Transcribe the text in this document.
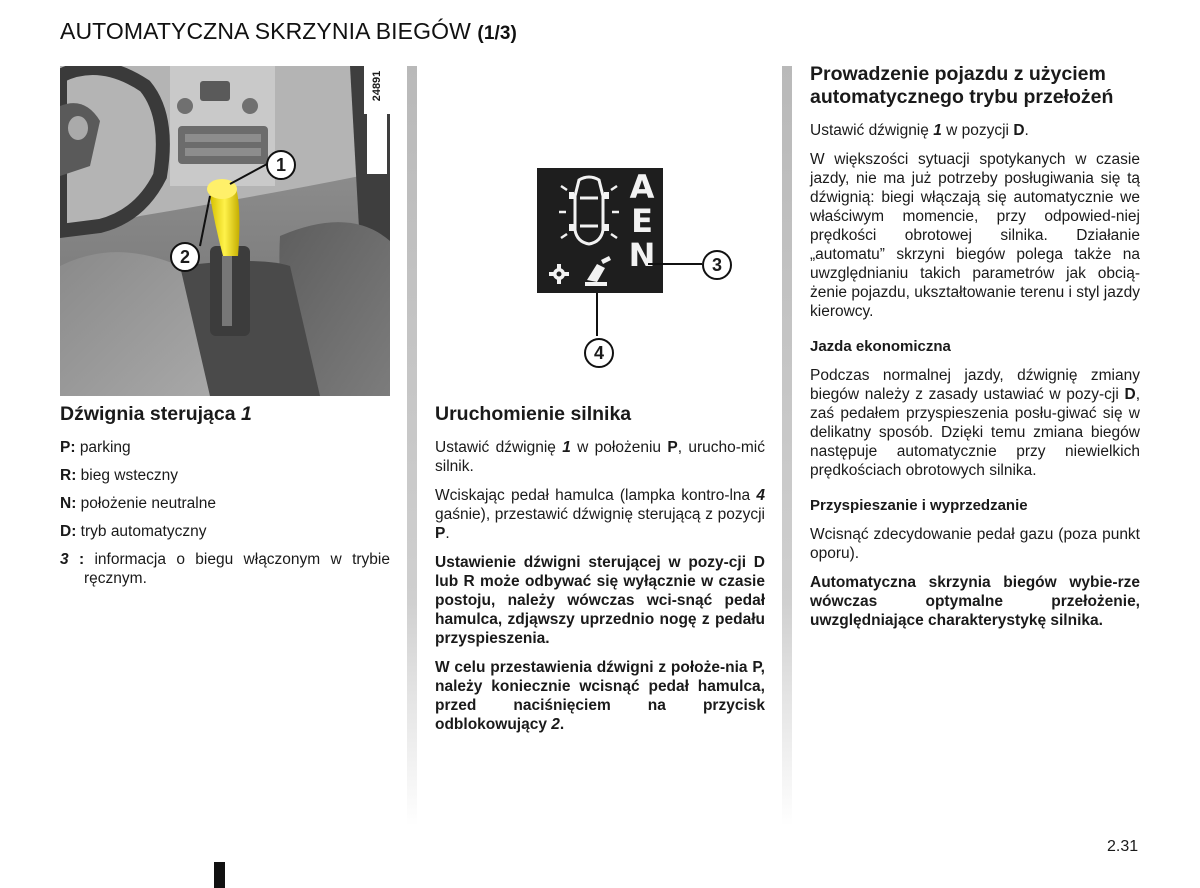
AUTOMATYCZNA SKRZYNIA BIEGÓW (1/3)
1
2
24891
A
E
N	3
4
Dźwignia sterująca 1
P: parking
R: bieg wsteczny
N: położenie neutralne
D: tryb automatyczny
3 : informacja o biegu włączonym w trybie ręcznym.
Uruchomienie silnika

Ustawić dźwignię 1 w położeniu P, urucho-mić silnik.

Wciskając pedał hamulca (lampka kontro-lna 4 gaśnie), przestawić dźwignię sterującą z pozycji P.

Ustawienie dźwigni sterującej w pozy-cji D lub R może odbywać się wyłącznie w czasie postoju, należy wówczas wci-snąć pedał hamulca, zdjąwszy uprzednio nogę z pedału przyspieszenia.

W celu przestawienia dźwigni z położe-nia P, należy koniecznie wcisnąć pedał hamulca, przed naciśnięciem na przycisk odblokowujący 2.

Prowadzenie pojazdu z użyciem automatycznego trybu przełożeń

Ustawić dźwignię 1 w pozycji D.

W większości sytuacji spotykanych w czasie jazdy, nie ma już potrzeby posługiwania się tą dźwignią: biegi włączają się automatycznie we właściwym momencie, przy odpowied-niej prędkości obrotowej silnika. Działanie „automatu” skrzyni biegów polega także na uwzględnianiu takich parametrów jak obcią-żenie pojazdu, ukształtowanie terenu i styl jazdy kierowcy.

Jazda ekonomiczna

Podczas normalnej jazdy, dźwignię zmiany biegów należy z zasady ustawiać w pozy-cji D, zaś pedałem przyspieszenia posłu-giwać się w delikatny sposób. Dzięki temu zmiana biegów następuje automatycznie przy niewielkich prędkościach obrotowych silnika.

Przyspieszanie i wyprzedzanie

Wcisnąć zdecydowanie pedał gazu (poza punkt oporu).

Automatyczna skrzynia biegów wybie-rze wówczas optymalne przełożenie, uwzględniające charakterystykę silnika.

2.31
